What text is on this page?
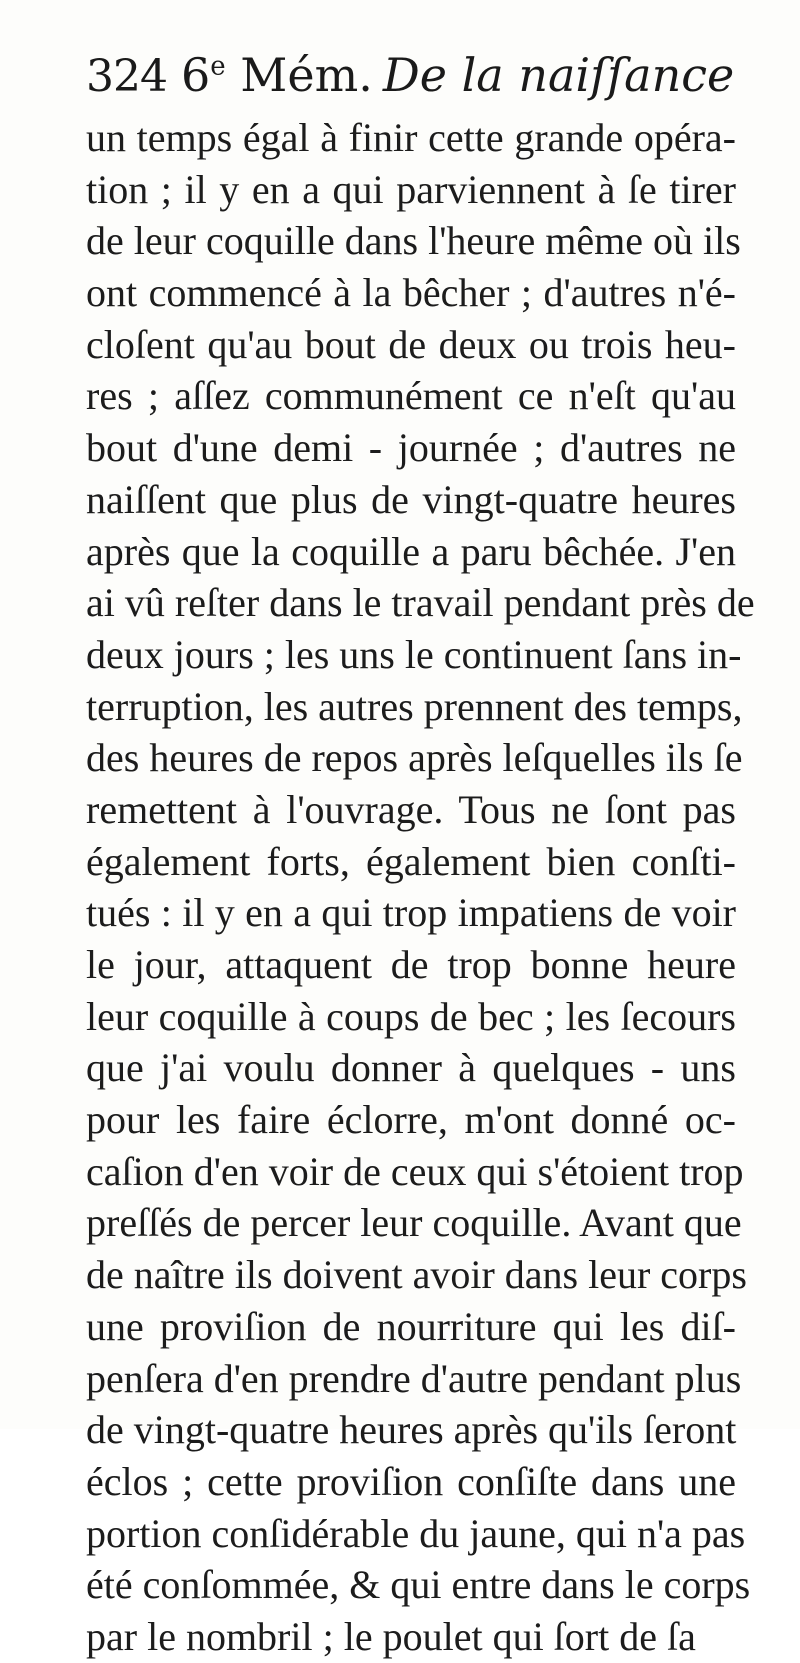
324 6e Mém. De la naiſſance
un temps égal à finir cette grande opéra-
tion ; il y en a qui parviennent à ſe tirer
de leur coquille dans l'heure même où ils
ont commencé à la bêcher ; d'autres n'é-
cloſent qu'au bout de deux ou trois heu-
res ; aſſez communément ce n'eſt qu'au
bout d'une demi - journée ; d'autres ne
naiſſent que plus de vingt-quatre heures
après que la coquille a paru bêchée. J'en
ai vû reſter dans le travail pendant près de
deux jours ; les uns le continuent ſans in-
terruption, les autres prennent des temps,
des heures de repos après leſquelles ils ſe
remettent à l'ouvrage. Tous ne ſont pas
également forts, également bien conſti-
tués : il y en a qui trop impatiens de voir
le jour, attaquent de trop bonne heure
leur coquille à coups de bec ; les ſecours
que j'ai voulu donner à quelques - uns
pour les faire éclorre, m'ont donné oc-
caſion d'en voir de ceux qui s'étoient trop
preſſés de percer leur coquille. Avant que
de naître ils doivent avoir dans leur corps
une proviſion de nourriture qui les diſ-
penſera d'en prendre d'autre pendant plus
de vingt-quatre heures après qu'ils ſeront
éclos ; cette proviſion conſiſte dans une
portion conſidérable du jaune, qui n'a pas
été conſommée, & qui entre dans le corps
par le nombril ; le poulet qui ſort de ſa
